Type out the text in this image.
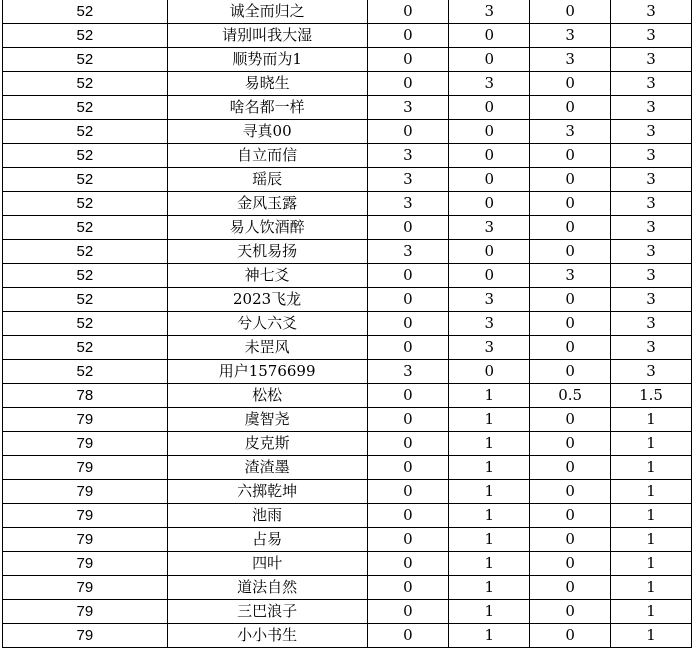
52	诚全而归之	0	3	0	3
52	请别叫我大湿	0	0	3	3
52	顺势而为1	0	0	3	3
52	易晓生	0	3	0	3
52	啥名都一样	3	0	0	3
52	寻真00	0	0	3	3
52	自立而信	3	0	0	3
52	瑶辰	3	0	0	3
52	金风玉露	3	0	0	3
52	易人饮酒醉	0	3	0	3
52	天机易扬	3	0	0	3
52	神七爻	0	0	3	3
52	2023飞龙	0	3	0	3
52	兮人六爻	0	3	0	3
52	未罡风	0	3	0	3
52	用户1576699	3	0	0	3
78	松松	0	1	0.5	1.5
79	虞智尧	0	1	0	1
79	皮克斯	0	1	0	1
79	渣渣墨	0	1	0	1
79	六掷乾坤	0	1	0	1
79	池雨	0	1	0	1
79	占易	0	1	0	1
79	四叶	0	1	0	1
79	道法自然	0	1	0	1
79	三巴浪子	0	1	0	1
79	小小书生	0	1	0	1
